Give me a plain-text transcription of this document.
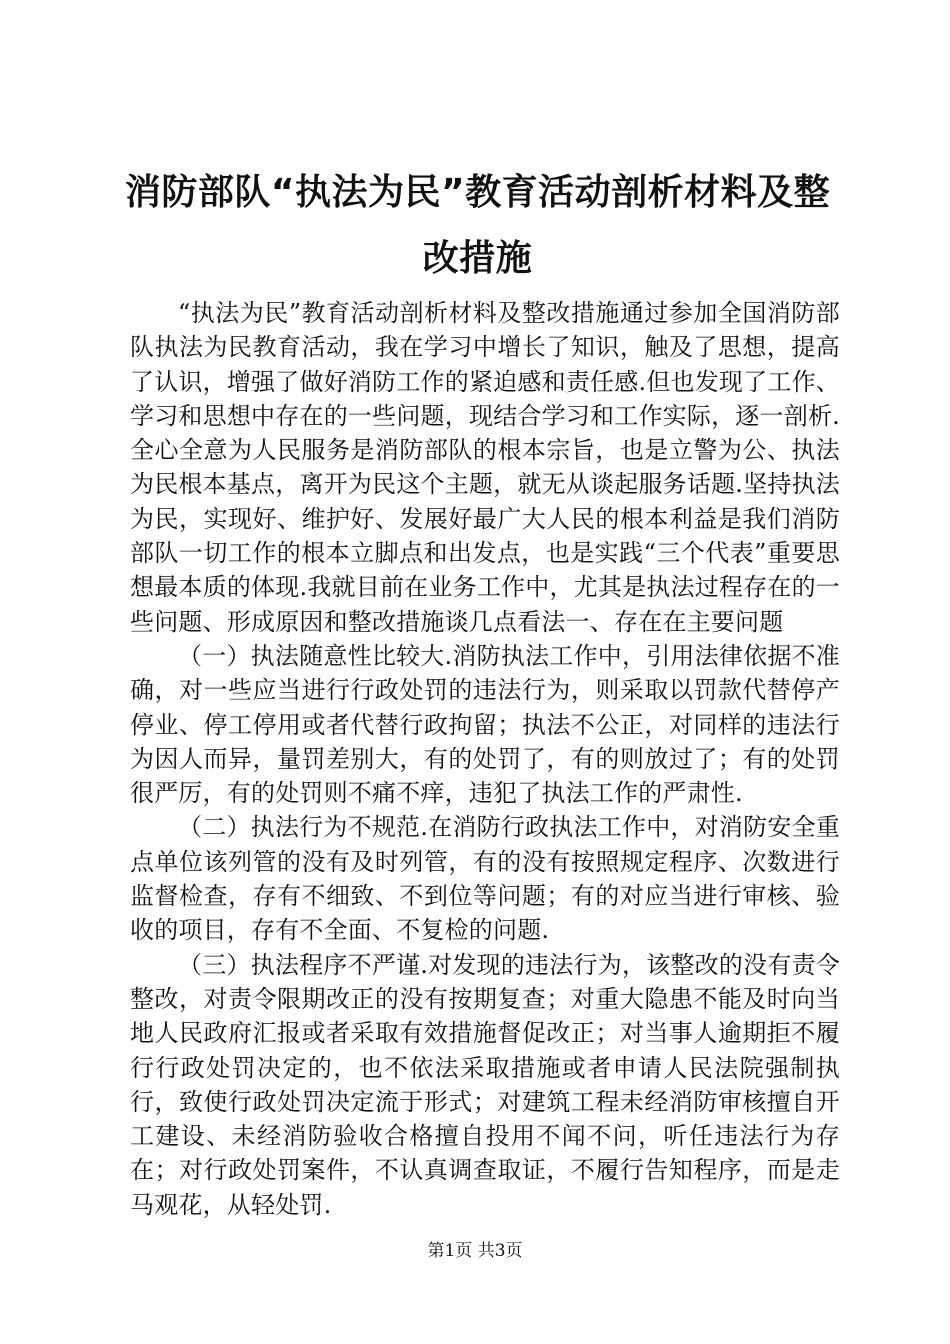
消防部队“执法为民”教育活动剖析材料及整改措施

“执法为民”教育活动剖析材料及整改措施通过参加全国消防部队执法为民教育活动，我在学习中增长了知识，触及了思想，提高了认识，增强了做好消防工作的紧迫感和责任感.但也发现了工作、学习和思想中存在的一些问题，现结合学习和工作实际，逐一剖析.全心全意为人民服务是消防部队的根本宗旨，也是立警为公、执法为民根本基点，离开为民这个主题，就无从谈起服务话题.坚持执法为民，实现好、维护好、发展好最广大人民的根本利益是我们消防部队一切工作的根本立脚点和出发点，也是实践“三个代表”重要思想最本质的体现.我就目前在业务工作中，尤其是执法过程存在的一些问题、形成原因和整改措施谈几点看法一、存在在主要问题

（一）执法随意性比较大.消防执法工作中，引用法律依据不准确，对一些应当进行行政处罚的违法行为，则采取以罚款代替停产停业、停工停用或者代替行政拘留；执法不公正，对同样的违法行为因人而异，量罚差别大，有的处罚了，有的则放过了；有的处罚很严厉，有的处罚则不痛不痒，违犯了执法工作的严肃性.

（二）执法行为不规范.在消防行政执法工作中，对消防安全重点单位该列管的没有及时列管，有的没有按照规定程序、次数进行监督检查，存有不细致、不到位等问题；有的对应当进行审核、验收的项目，存有不全面、不复检的问题.

（三）执法程序不严谨.对发现的违法行为，该整改的没有责令整改，对责令限期改正的没有按期复查；对重大隐患不能及时向当地人民政府汇报或者采取有效措施督促改正；对当事人逾期拒不履行行政处罚决定的，也不依法采取措施或者申请人民法院强制执行，致使行政处罚决定流于形式；对建筑工程未经消防审核擅自开工建设、未经消防验收合格擅自投用不闻不问，听任违法行为存在；对行政处罚案件，不认真调查取证，不履行告知程序，而是走马观花，从轻处罚.

第1页 共3页
